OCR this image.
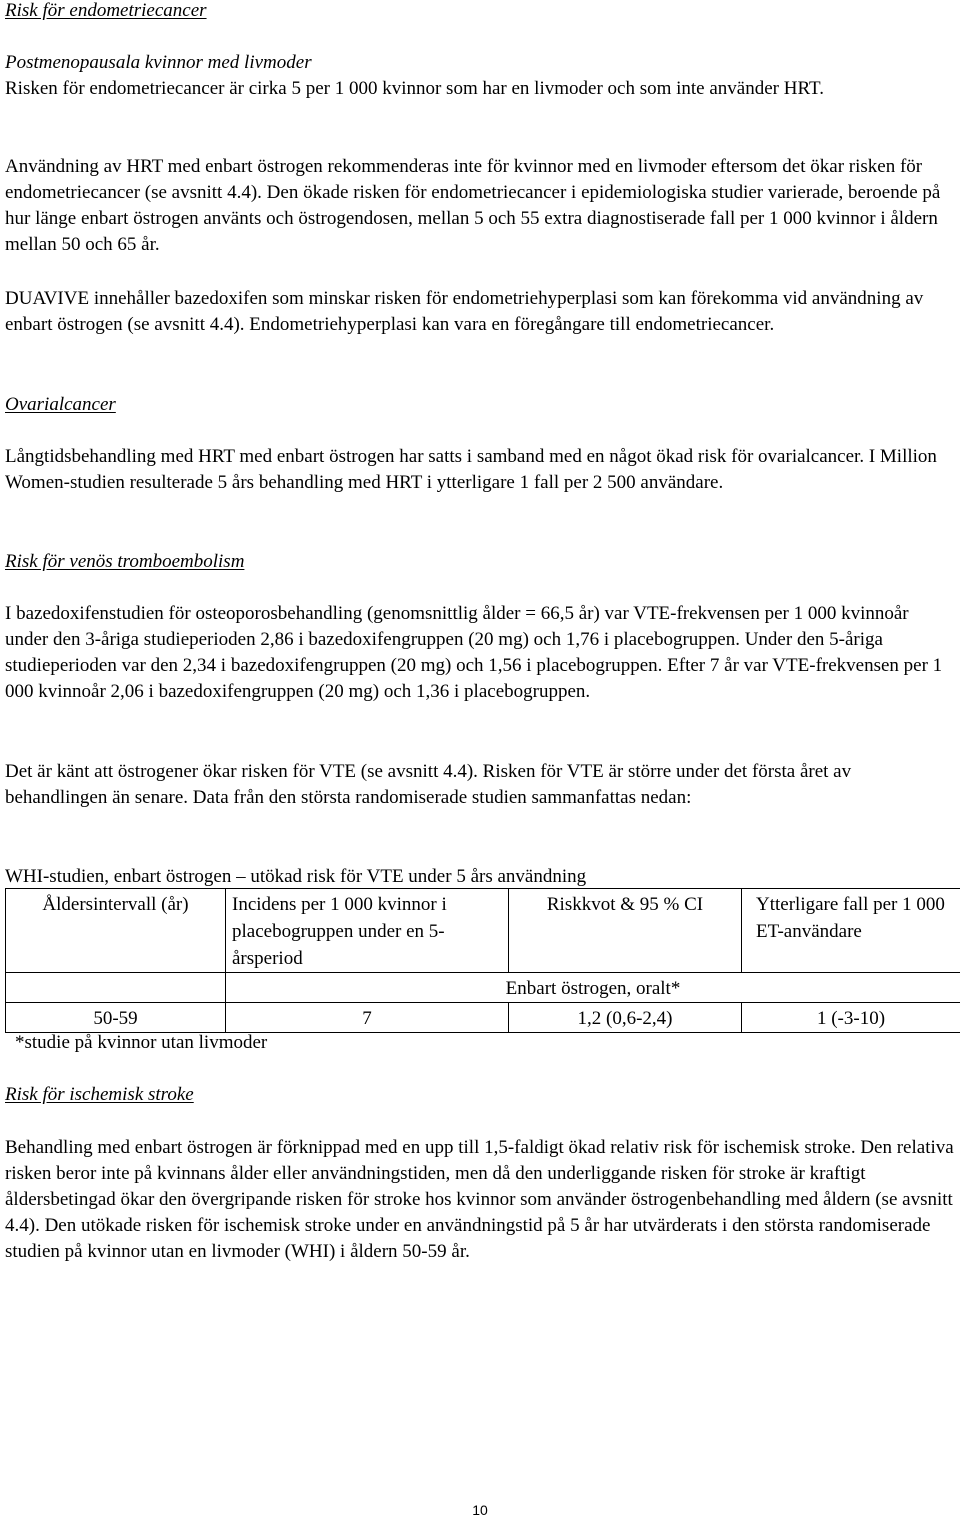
Risk för endometriecancer

Postmenopausala kvinnor med livmoder

Risken för endometriecancer är cirka 5 per 1 000 kvinnor som har en livmoder och som inte använder HRT.

Användning av HRT med enbart östrogen rekommenderas inte för kvinnor med en livmoder eftersom det ökar risken för endometriecancer (se avsnitt 4.4). Den ökade risken för endometriecancer i epidemiologiska studier varierade, beroende på hur länge enbart östrogen använts och östrogendosen, mellan 5 och 55 extra diagnostiserade fall per 1 000 kvinnor i åldern mellan 50 och 65 år.

DUAVIVE innehåller bazedoxifen som minskar risken för endometriehyperplasi som kan förekomma vid användning av enbart östrogen (se avsnitt 4.4). Endometriehyperplasi kan vara en föregångare till endometriecancer.

Ovarialcancer

Långtidsbehandling med HRT med enbart östrogen har satts i samband med en något ökad risk för ovarialcancer. I Million Women-studien resulterade 5 års behandling med HRT i ytterligare 1 fall per 2 500 användare.

Risk för venös tromboembolism

I bazedoxifenstudien för osteoporosbehandling (genomsnittlig ålder = 66,5 år) var VTE-frekvensen per 1 000 kvinnoår under den 3-åriga studieperioden 2,86 i bazedoxifengruppen (20 mg) och 1,76 i placebogruppen. Under den 5-åriga studieperioden var den 2,34 i bazedoxifengruppen (20 mg) och 1,56 i placebogruppen. Efter 7 år var VTE-frekvensen per 1 000 kvinnoår 2,06 i bazedoxifengruppen (20 mg) och 1,36 i placebogruppen.

Det är känt att östrogener ökar risken för VTE (se avsnitt 4.4). Risken för VTE är större under det första året av behandlingen än senare. Data från den största randomiserade studien sammanfattas nedan:

WHI-studien, enbart östrogen – utökad risk för VTE under 5 års användning

Åldersintervall (år)	Incidens per 1 000 kvinnor i placebogruppen under en 5-årsperiod	Riskkvot & 95 % CI	Ytterligare fall per 1 000 ET-användare
	Enbart östrogen, oralt*		
50-59	7	1,2 (0,6-2,4)	1 (-3-10)

*studie på kvinnor utan livmoder

Risk för ischemisk stroke

Behandling med enbart östrogen är förknippad med en upp till 1,5-faldigt ökad relativ risk för ischemisk stroke. Den relativa risken beror inte på kvinnans ålder eller användningstiden, men då den underliggande risken för stroke är kraftigt åldersbetingad ökar den övergripande risken för stroke hos kvinnor som använder östrogenbehandling med åldern (se avsnitt 4.4). Den utökade risken för ischemisk stroke under en användningstid på 5 år har utvärderats i den största randomiserade studien på kvinnor utan en livmoder (WHI) i åldern 50-59 år.

10
